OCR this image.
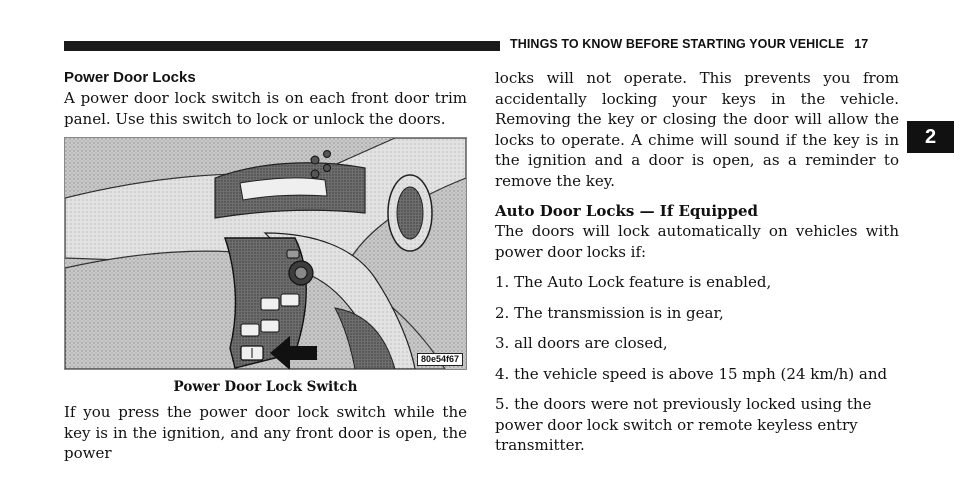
THINGS TO KNOW BEFORE STARTING YOUR VEHICLE 17
2
Power Door Locks

A power door lock switch is on each front door trim panel. Use this switch to lock or unlock the doors.

80e54f67
Power Door Lock Switch

If you press the power door lock switch while the key is in the ignition, and any front door is open, the power

locks will not operate. This prevents you from accidentally locking your keys in the vehicle. Removing the key or closing the door will allow the locks to operate. A chime will sound if the key is in the ignition and a door is open, as a reminder to remove the key.

Auto Door Locks — If Equipped

The doors will lock automatically on vehicles with power door locks if:

1. The Auto Lock feature is enabled,
2. The transmission is in gear,
3. all doors are closed,
4. the vehicle speed is above 15 mph (24 km/h) and
5. the doors were not previously locked using the power door lock switch or remote keyless entry transmitter.
